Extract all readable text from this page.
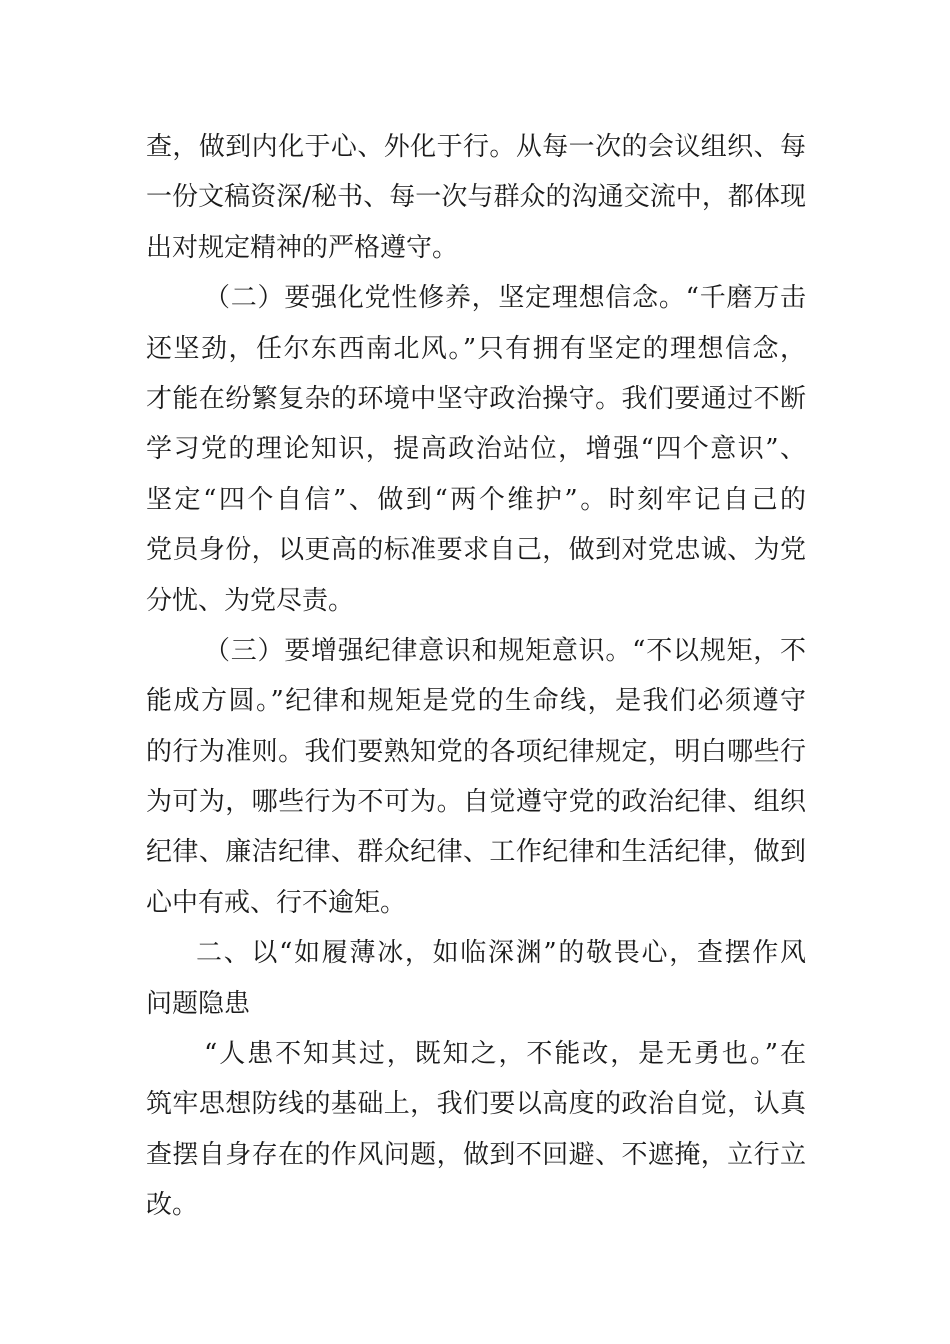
查，做到内化于心、外化于行。从每一次的会议组织、每
一份文稿资深/秘书、每一次与群众的沟通交流中，都体现
出对规定精神的严格遵守。
（二）要强化党性修养，坚定理想信念。“千磨万击
还坚劲，任尔东西南北风。”只有拥有坚定的理想信念，
才能在纷繁复杂的环境中坚守政治操守。我们要通过不断
学习党的理论知识，提高政治站位，增强“四个意识”、
坚定“四个自信”、做到“两个维护”。时刻牢记自己的
党员身份，以更高的标准要求自己，做到对党忠诚、为党
分忧、为党尽责。
（三）要增强纪律意识和规矩意识。“不以规矩，不
能成方圆。”纪律和规矩是党的生命线，是我们必须遵守
的行为准则。我们要熟知党的各项纪律规定，明白哪些行
为可为，哪些行为不可为。自觉遵守党的政治纪律、组织
纪律、廉洁纪律、群众纪律、工作纪律和生活纪律，做到
心中有戒、行不逾矩。
二、以“如履薄冰，如临深渊”的敬畏心，查摆作风
问题隐患
“人患不知其过，既知之，不能改，是无勇也。”在
筑牢思想防线的基础上，我们要以高度的政治自觉，认真
查摆自身存在的作风问题，做到不回避、不遮掩，立行立
改。
